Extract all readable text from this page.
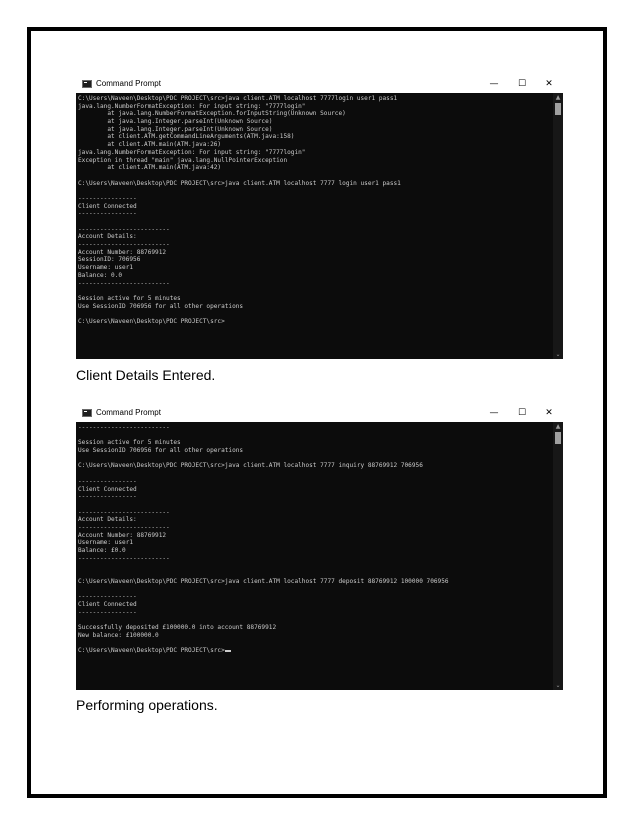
Command Prompt	—	☐	✕
C:\Users\Naveen\Desktop\PDC PROJECT\src>java client.ATM localhost 7777login user1 pass1
java.lang.NumberFormatException: For input string: "7777login"
at java.lang.NumberFormatException.forInputString(Unknown Source)
at java.lang.Integer.parseInt(Unknown Source)
at java.lang.Integer.parseInt(Unknown Source)
at client.ATM.getCommandLineArguments(ATM.java:158)
at client.ATM.main(ATM.java:26)
java.lang.NumberFormatException: For input string: "7777login"
Exception in thread "main" java.lang.NullPointerException
at client.ATM.main(ATM.java:42)
C:\Users\Naveen\Desktop\PDC PROJECT\src>java client.ATM localhost 7777 login user1 pass1
----------------
Client Connected
----------------
-------------------------
Account Details:
-------------------------
Account Number: 88769912
SessionID: 706956
Username: user1
Balance: 0.0
-------------------------
Session active for 5 minutes
Use SessionID 706956 for all other operations
C:\Users\Naveen\Desktop\PDC PROJECT\src>
▲
⌄
Client Details Entered.
Command Prompt	—	☐	✕
-------------------------
Session active for 5 minutes
Use SessionID 706956 for all other operations
C:\Users\Naveen\Desktop\PDC PROJECT\src>java client.ATM localhost 7777 inquiry 88769912 706956
----------------
Client Connected
----------------
-------------------------
Account Details:
-------------------------
Account Number: 88769912
Username: user1
Balance: £0.0
-------------------------
C:\Users\Naveen\Desktop\PDC PROJECT\src>java client.ATM localhost 7777 deposit 88769912 100000 706956
----------------
Client Connected
----------------
Successfully deposited £100000.0 into account 88769912
New balance: £100000.0
C:\Users\Naveen\Desktop\PDC PROJECT\src>
▲
⌄
Performing operations.
